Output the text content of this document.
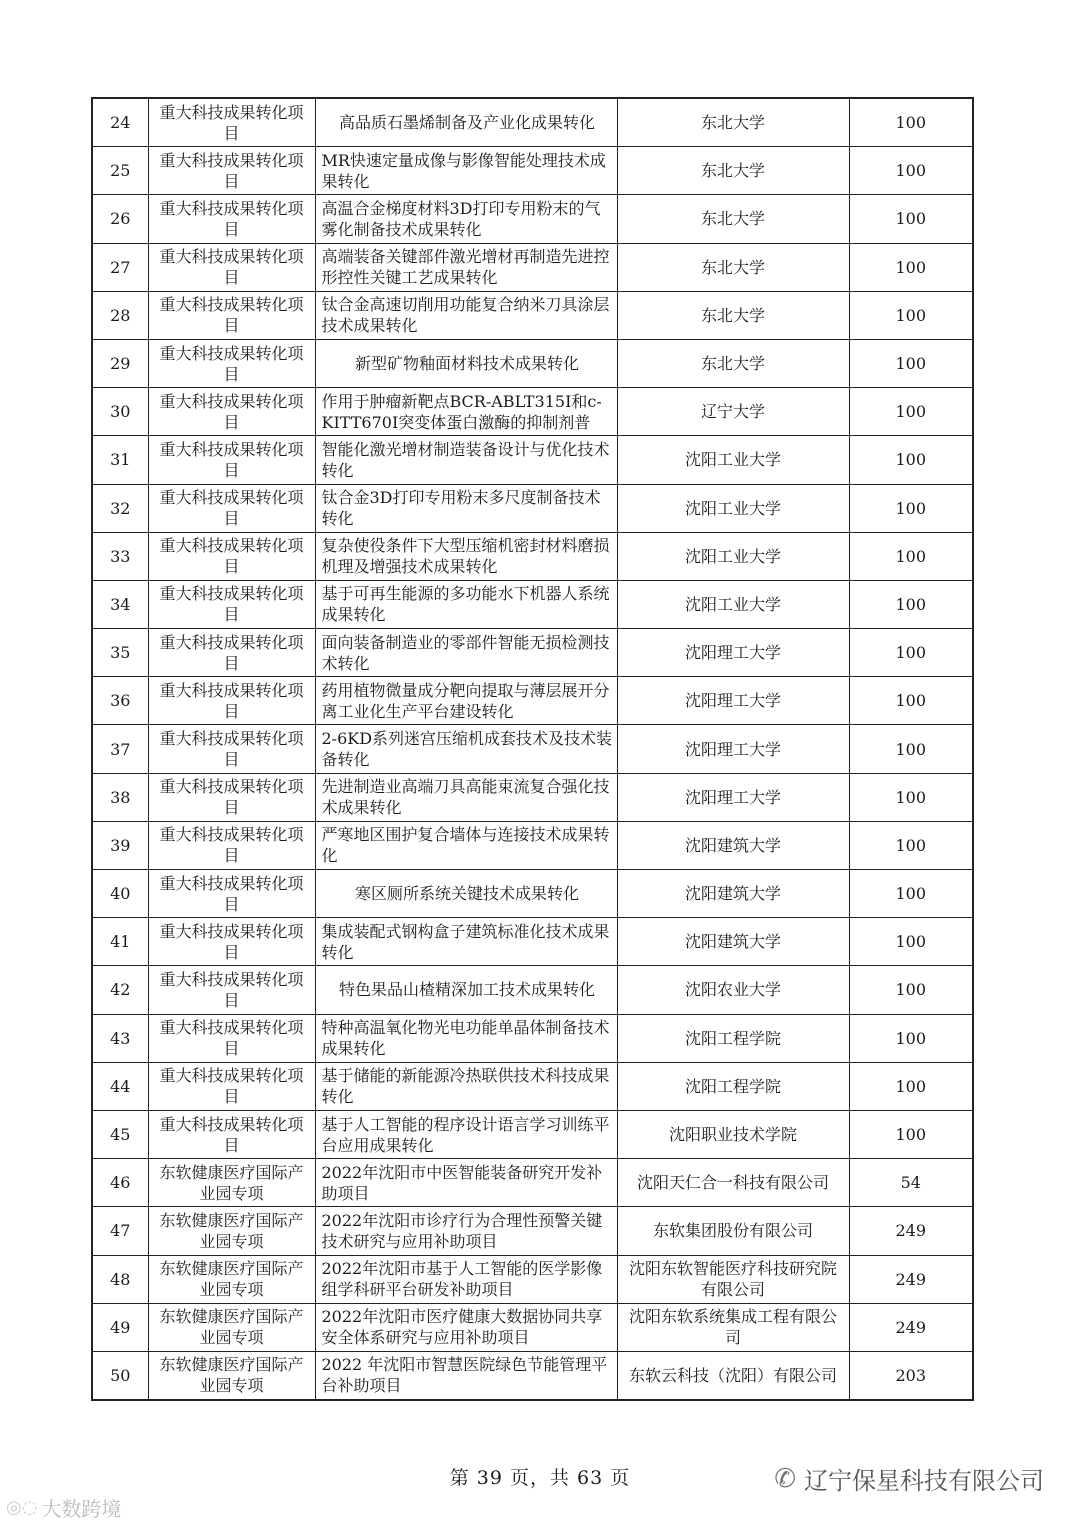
24	重大科技成果转化项目	高品质石墨烯制备及产业化成果转化	东北大学	100
25	重大科技成果转化项目	MR快速定量成像与影像智能处理技术成果转化	东北大学	100
26	重大科技成果转化项目	高温合金梯度材料3D打印专用粉末的气雾化制备技术成果转化	东北大学	100
27	重大科技成果转化项目	高端装备关键部件激光增材再制造先进控形控性关键工艺成果转化	东北大学	100
28	重大科技成果转化项目	钛合金高速切削用功能复合纳米刀具涂层技术成果转化	东北大学	100
29	重大科技成果转化项目	新型矿物釉面材料技术成果转化	东北大学	100
30	重大科技成果转化项目	作用于肿瘤新靶点BCR-ABLT315I和c-KITT670I突变体蛋白激酶的抑制剂普	辽宁大学	100
31	重大科技成果转化项目	智能化激光增材制造装备设计与优化技术转化	沈阳工业大学	100
32	重大科技成果转化项目	钛合金3D打印专用粉末多尺度制备技术转化	沈阳工业大学	100
33	重大科技成果转化项目	复杂使役条件下大型压缩机密封材料磨损机理及增强技术成果转化	沈阳工业大学	100
34	重大科技成果转化项目	基于可再生能源的多功能水下机器人系统成果转化	沈阳工业大学	100
35	重大科技成果转化项目	面向装备制造业的零部件智能无损检测技术转化	沈阳理工大学	100
36	重大科技成果转化项目	药用植物微量成分靶向提取与薄层展开分离工业化生产平台建设转化	沈阳理工大学	100
37	重大科技成果转化项目	2-6KD系列迷宫压缩机成套技术及技术装备转化	沈阳理工大学	100
38	重大科技成果转化项目	先进制造业高端刀具高能束流复合强化技术成果转化	沈阳理工大学	100
39	重大科技成果转化项目	严寒地区围护复合墙体与连接技术成果转化	沈阳建筑大学	100
40	重大科技成果转化项目	寒区厕所系统关键技术成果转化	沈阳建筑大学	100
41	重大科技成果转化项目	集成装配式钢构盒子建筑标准化技术成果转化	沈阳建筑大学	100
42	重大科技成果转化项目	特色果品山楂精深加工技术成果转化	沈阳农业大学	100
43	重大科技成果转化项目	特种高温氧化物光电功能单晶体制备技术成果转化	沈阳工程学院	100
44	重大科技成果转化项目	基于储能的新能源冷热联供技术科技成果转化	沈阳工程学院	100
45	重大科技成果转化项目	基于人工智能的程序设计语言学习训练平台应用成果转化	沈阳职业技术学院	100
46	东软健康医疗国际产业园专项	2022年沈阳市中医智能装备研究开发补助项目	沈阳天仁合一科技有限公司	54
47	东软健康医疗国际产业园专项	2022年沈阳市诊疗行为合理性预警关键技术研究与应用补助项目	东软集团股份有限公司	249
48	东软健康医疗国际产业园专项	2022年沈阳市基于人工智能的医学影像组学科研平台研发补助项目	沈阳东软智能医疗科技研究院有限公司	249
49	东软健康医疗国际产业园专项	2022年沈阳市医疗健康大数据协同共享安全体系研究与应用补助项目	沈阳东软系统集成工程有限公司	249
50	东软健康医疗国际产业园专项	2022 年沈阳市智慧医院绿色节能管理平台补助项目	东软云科技（沈阳）有限公司	203
第 39 页，共 63 页	✆ 辽宁保星科技有限公司
◎◌ 大数跨境
